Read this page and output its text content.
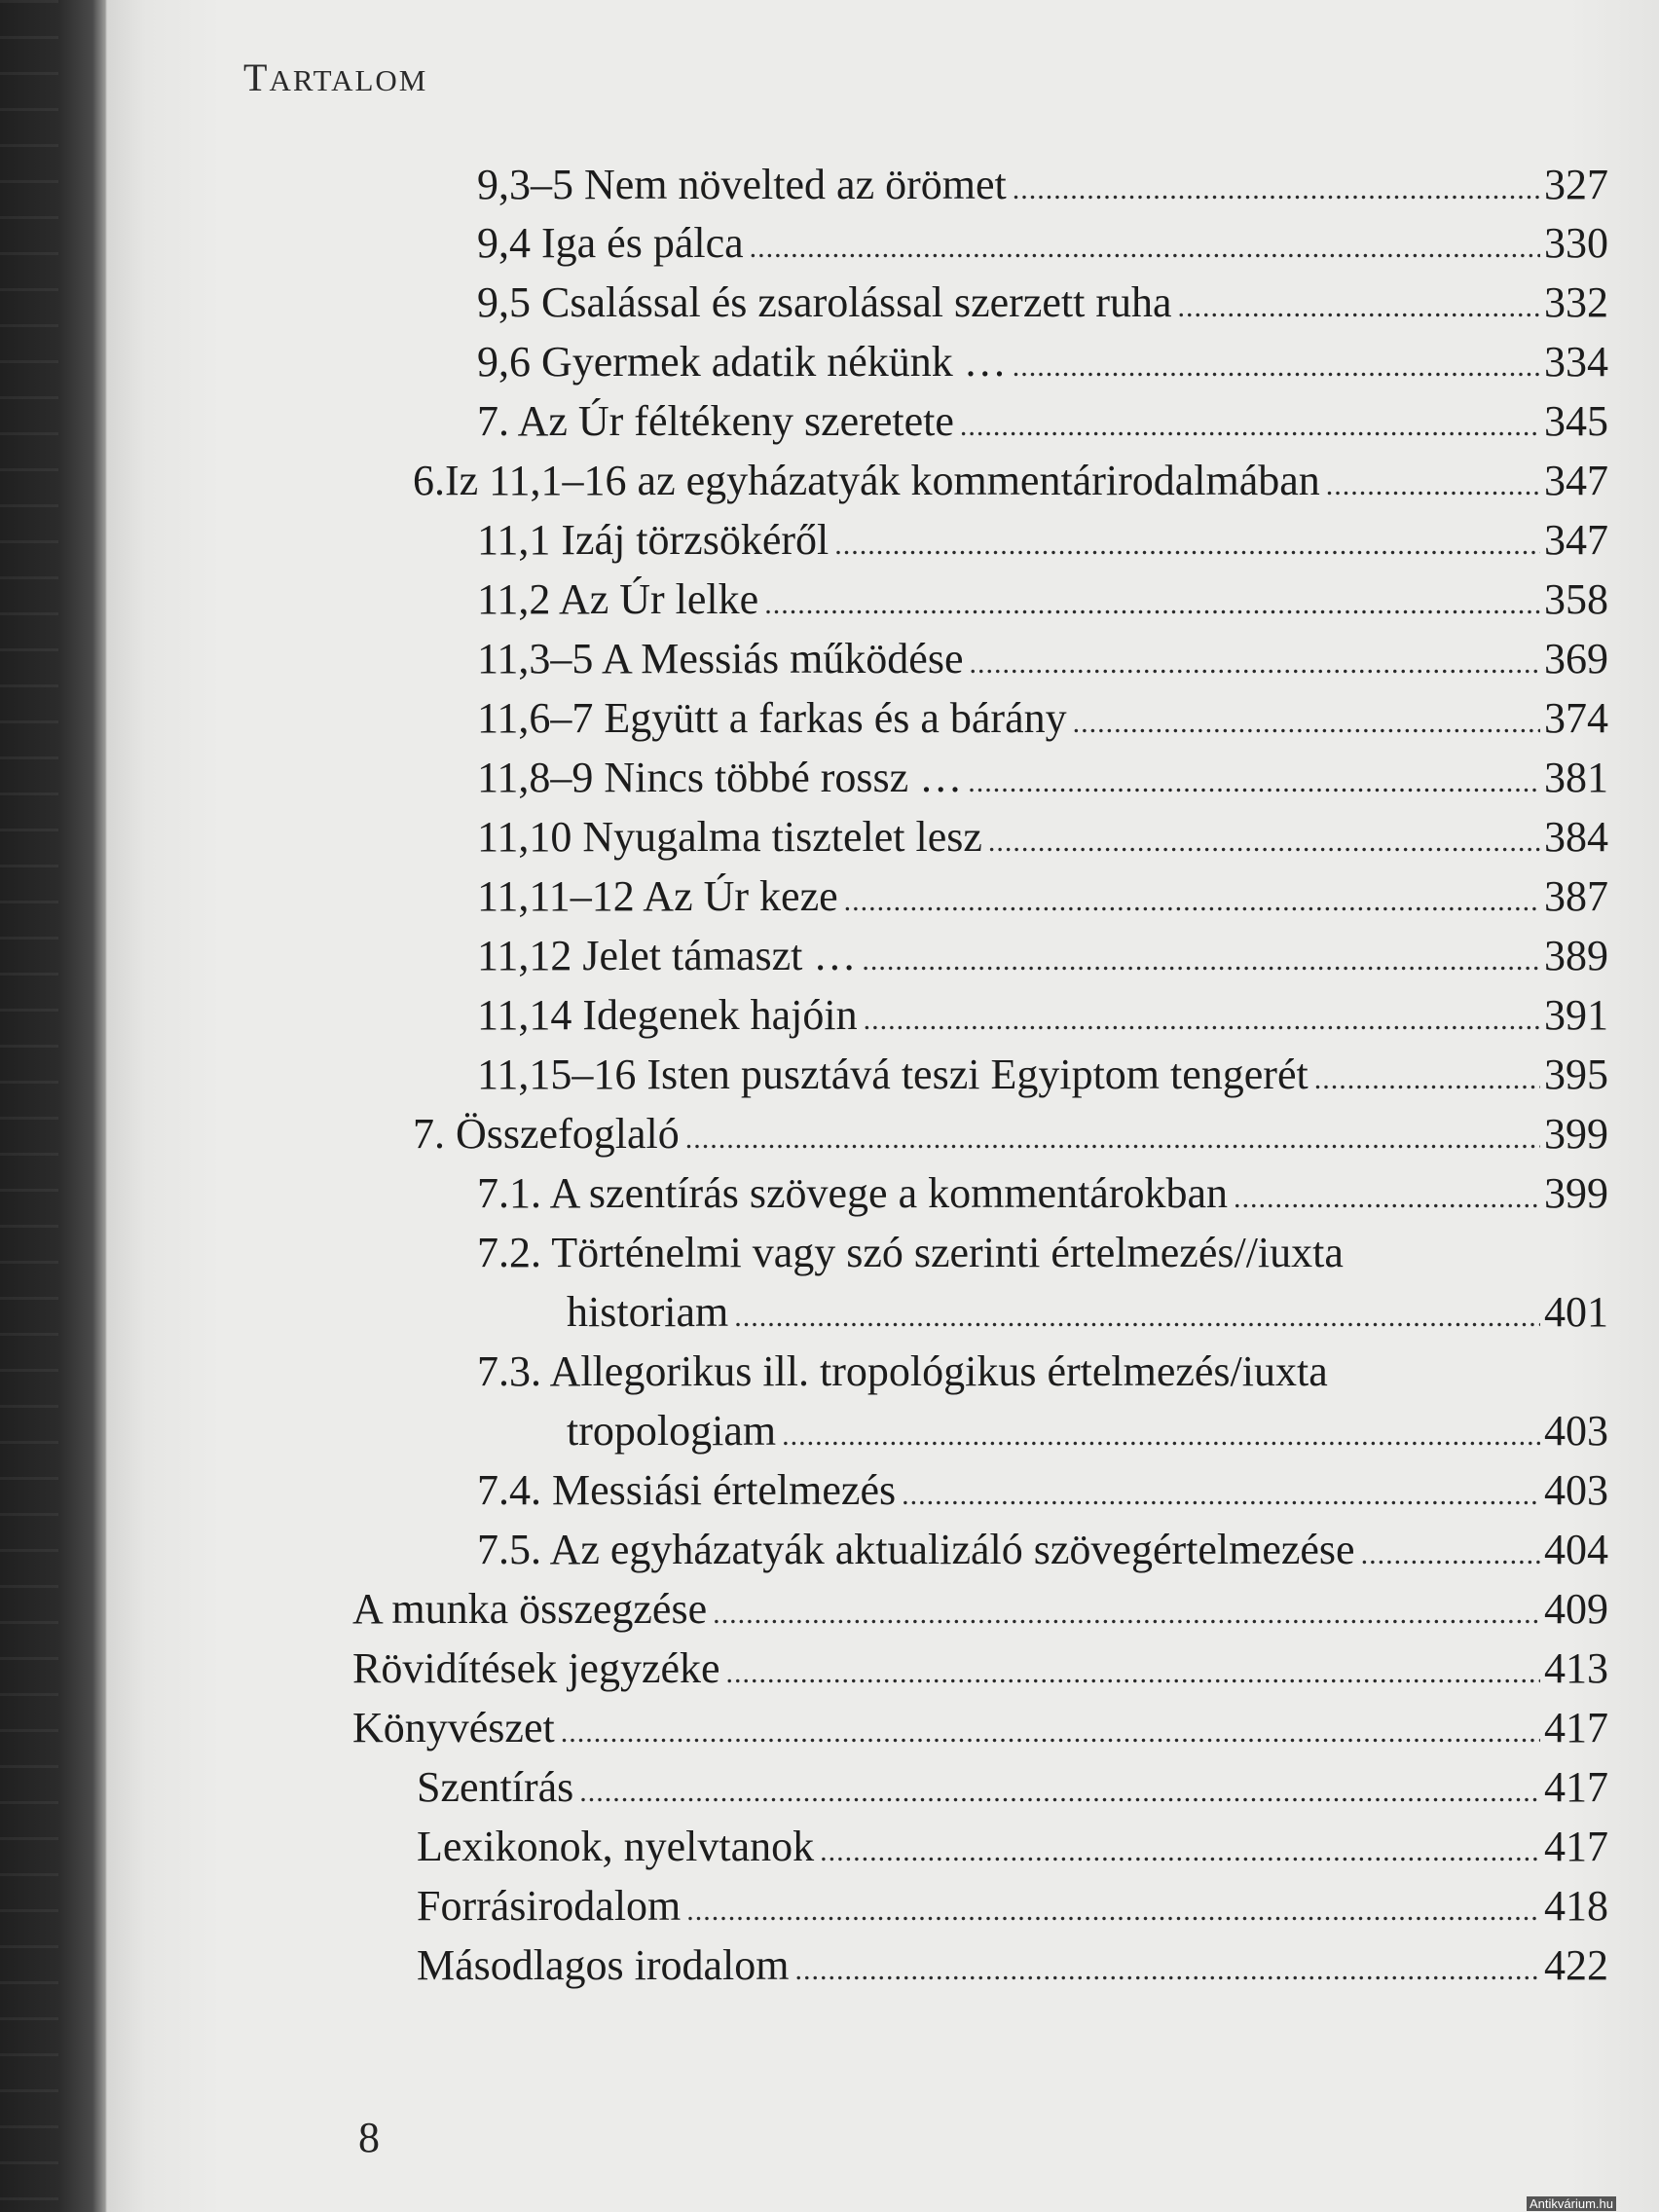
TARTALOM
9,3–5 Nem növelted az örömet .....	327
9,4 Iga és pálca .....	330
9,5 Csalással és zsarolással szerzett ruha .....	332
9,6 Gyermek adatik nékünk … .....	334
7. Az Úr féltékeny szeretete .....	345
6. Iz 11,1–16 az egyházatyák kommentárirodalmában .....	347
11,1 Izáj törzsökéről .....	347
11,2 Az Úr lelke .....	358
11,3–5 A Messiás működése .....	369
11,6–7 Együtt a farkas és a bárány .....	374
11,8–9 Nincs többé rossz … .....	381
11,10 Nyugalma tisztelet lesz .....	384
11,11–12 Az Úr keze .....	387
11,12 Jelet támaszt … .....	389
11,14 Idegenek hajóin .....	391
11,15–16 Isten pusztává teszi Egyiptom tengerét .....	395
7. Összefoglaló .....	399
7.1. A szentírás szövege a kommentárokban .....	399
7.2. Történelmi vagy szó szerinti értelmezés//iuxta
historiam .....	401
7.3. Allegorikus ill. tropológikus értelmezés/iuxta
tropologiam .....	403
7.4. Messiási értelmezés .....	403
7.5. Az egyházatyák aktualizáló szövegértelmezése .....	404
A munka összegzése .....	409
Rövidítések jegyzéke .....	413
Könyvészet .....	417
Szentírás .....	417
Lexikonok, nyelvtanok .....	417
Forrásirodalom .....	418
Másodlagos irodalom .....	422
8
Antikvárium.hu
